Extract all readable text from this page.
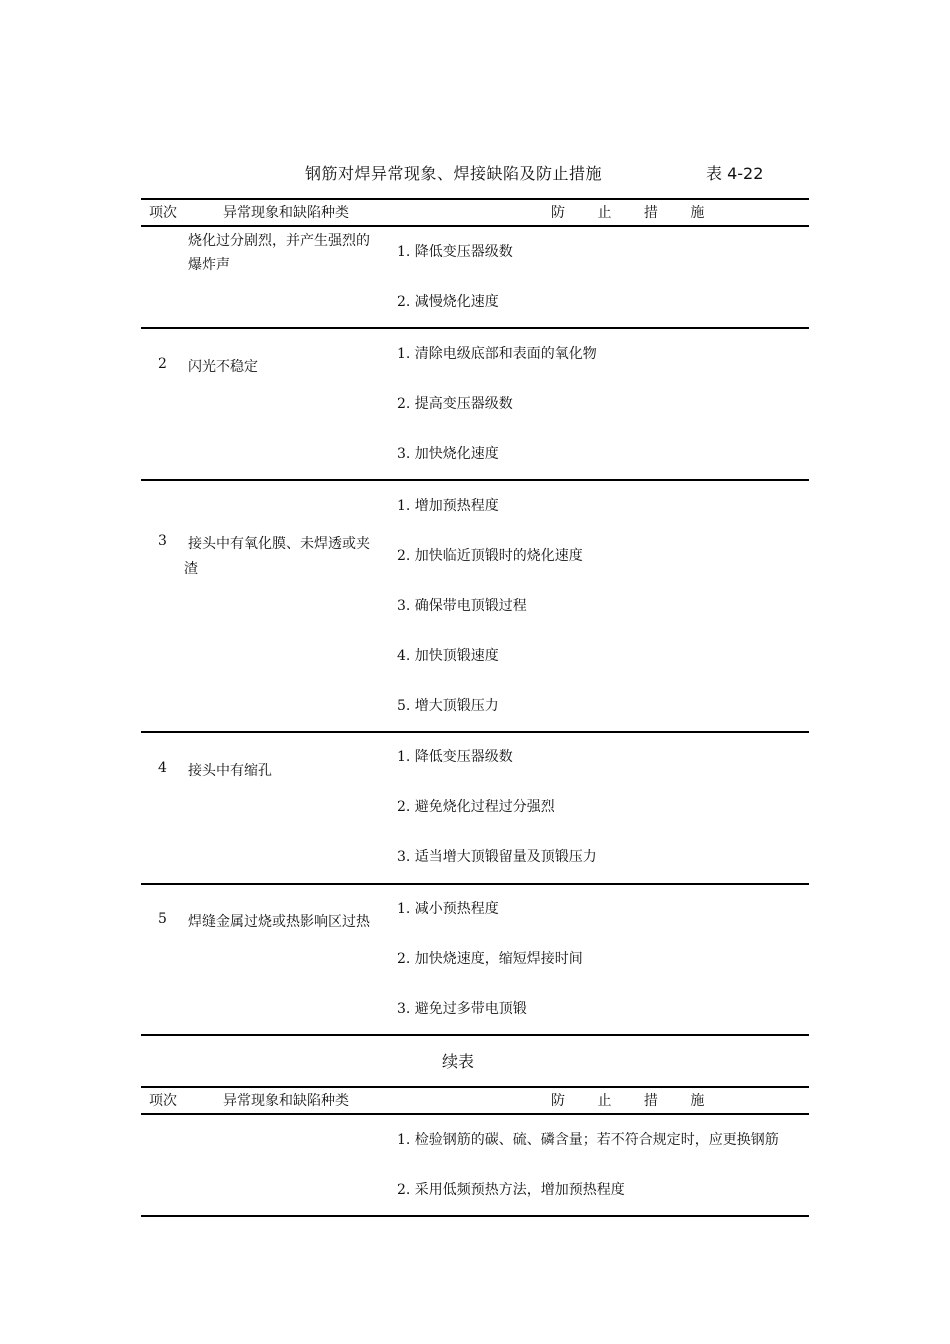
钢筋对焊异常现象、焊接缺陷及防止措施	表 4-22
项次	异常现象和缺陷种类	防 止 措 施
烧化过分剧烈，并产生强烈的
爆炸声
1. 降低变压器级数
2. 减慢烧化速度
2 闪光不稳定
1. 清除电级底部和表面的氧化物
2. 提高变压器级数
3. 加快烧化速度
3 接头中有氧化膜、未焊透或夹
渣
1. 增加预热程度
2. 加快临近顶锻时的烧化速度
3. 确保带电顶锻过程
4. 加快顶锻速度
5. 增大顶锻压力
4 接头中有缩孔
1. 降低变压器级数
2. 避免烧化过程过分强烈
3. 适当增大顶锻留量及顶锻压力
5 焊缝金属过烧或热影响区过热
1. 减小预热程度
2. 加快烧速度，缩短焊接时间
3. 避免过多带电顶锻
续表
项次	异常现象和缺陷种类	防 止 措 施
1. 检验钢筋的碳、硫、磷含量；若不符合规定时，应更换钢筋
2. 采用低频预热方法，增加预热程度
